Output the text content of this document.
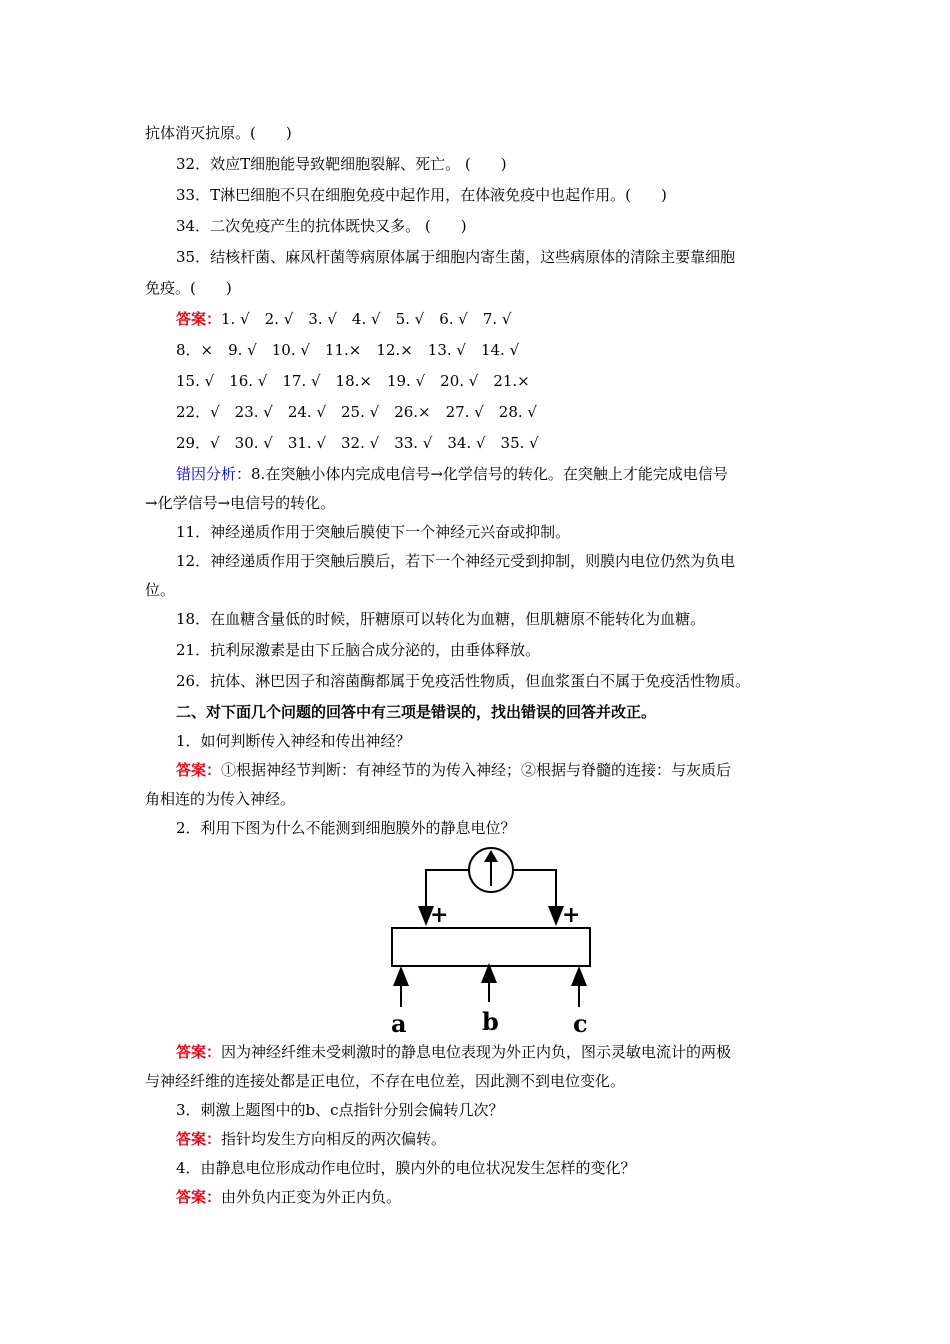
抗体消灭抗原。(　　)
32．效应T细胞能导致靶细胞裂解、死亡。 (　　)
33．T淋巴细胞不只在细胞免疫中起作用，在体液免疫中也起作用。(　　)
34．二次免疫产生的抗体既快又多。 (　　)
35．结核杆菌、麻风杆菌等病原体属于细胞内寄生菌，这些病原体的清除主要靠细胞
免疫。(　　)
答案：1. √　2. √　3. √　4. √　5. √　6. √　7. √
8．×　9. √　10. √　11.×　12.×　13. √　14. √
15. √　16. √　17. √　18.×　19. √　20. √　21.×
22．√　23. √　24. √　25. √　26.×　27. √　28. √
29．√　30. √　31. √　32. √　33. √　34. √　35. √
错因分析：8.在突触小体内完成电信号→化学信号的转化。在突触上才能完成电信号
→化学信号→电信号的转化。
11．神经递质作用于突触后膜使下一个神经元兴奋或抑制。
12．神经递质作用于突触后膜后，若下一个神经元受到抑制，则膜内电位仍然为负电
位。
18．在血糖含量低的时候，肝糖原可以转化为血糖，但肌糖原不能转化为血糖。
21．抗利尿激素是由下丘脑合成分泌的，由垂体释放。
26．抗体、淋巴因子和溶菌酶都属于免疫活性物质，但血浆蛋白不属于免疫活性物质。
二、对下面几个问题的回答中有三项是错误的，找出错误的回答并改正。
1．如何判断传入神经和传出神经？
答案：①根据神经节判断：有神经节的为传入神经；②根据与脊髓的连接：与灰质后
角相连的为传入神经。
2．利用下图为什么不能测到细胞膜外的静息电位？
+	+
a	b	c
答案：因为神经纤维未受刺激时的静息电位表现为外正内负，图示灵敏电流计的两极
与神经纤维的连接处都是正电位，不存在电位差，因此测不到电位变化。
3．刺激上题图中的b、c点指针分别会偏转几次？
答案：指针均发生方向相反的两次偏转。
4．由静息电位形成动作电位时，膜内外的电位状况发生怎样的变化？
答案：由外负内正变为外正内负。
